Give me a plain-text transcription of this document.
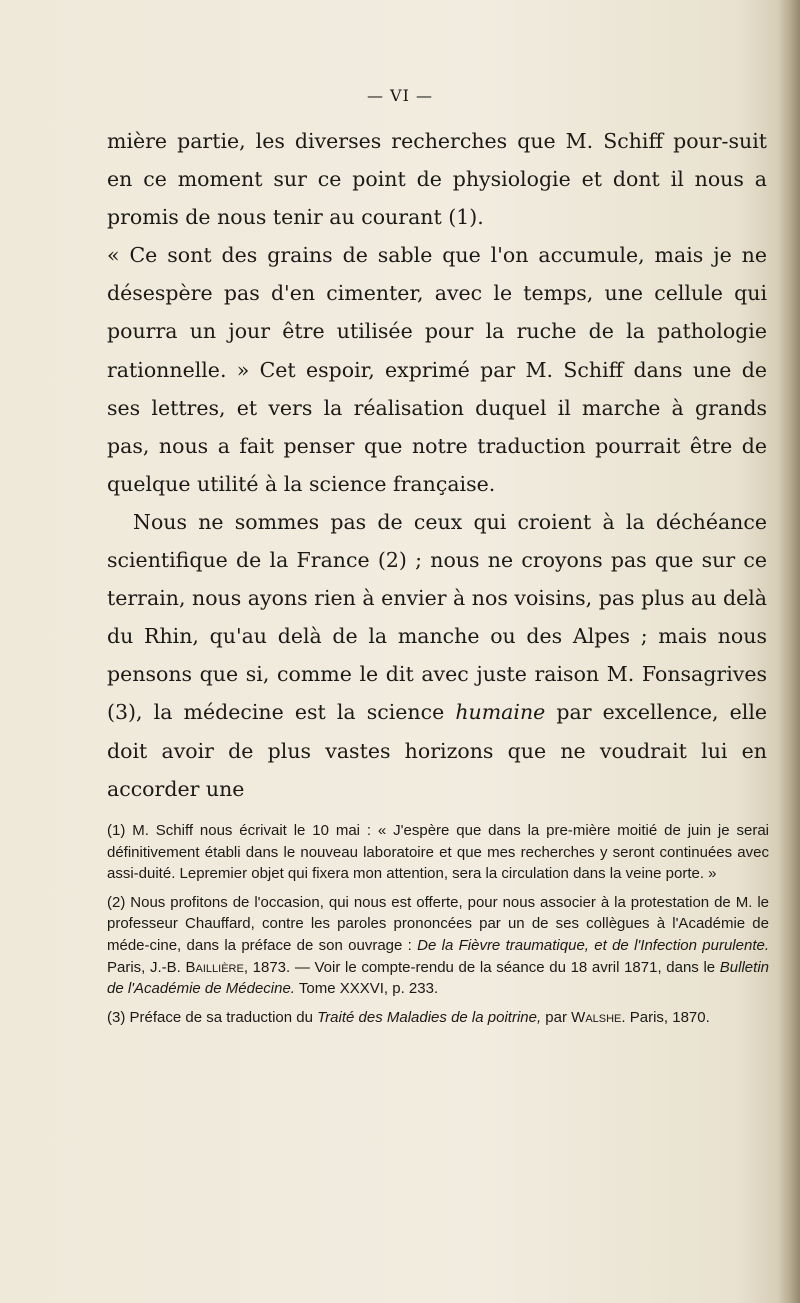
— VI —

mière partie, les diverses recherches que M. Schiff pour-suit en ce moment sur ce point de physiologie et dont il nous a promis de nous tenir au courant (1).

« Ce sont des grains de sable que l'on accumule, mais je ne désespère pas d'en cimenter, avec le temps, une cellule qui pourra un jour être utilisée pour la ruche de la pathologie rationnelle. » Cet espoir, exprimé par M. Schiff dans une de ses lettres, et vers la réalisation duquel il marche à grands pas, nous a fait penser que notre traduction pourrait être de quelque utilité à la science française.

Nous ne sommes pas de ceux qui croient à la déchéance scientifique de la France (2) ; nous ne croyons pas que sur ce terrain, nous ayons rien à envier à nos voisins, pas plus au delà du Rhin, qu'au delà de la manche ou des Alpes ; mais nous pensons que si, comme le dit avec juste raison M. Fonsagrives (3), la médecine est la science humaine par excellence, elle doit avoir de plus vastes horizons que ne voudrait lui en accorder une

(1) M. Schiff nous écrivait le 10 mai : « J'espère que dans la pre-mière moitié de juin je serai définitivement établi dans le nouveau laboratoire et que mes recherches y seront continuées avec assi-duité. Lepremier objet qui fixera mon attention, sera la circulation dans la veine porte. »

(2) Nous profitons de l'occasion, qui nous est offerte, pour nous associer à la protestation de M. le professeur Chauffard, contre les paroles prononcées par un de ses collègues à l'Académie de méde-cine, dans la préface de son ouvrage : De la Fièvre traumatique, et de l'Infection purulente. Paris, J.-B. Baillière, 1873. — Voir le compte-rendu de la séance du 18 avril 1871, dans le Bulletin de l'Académie de Médecine. Tome XXXVI, p. 233.

(3) Préface de sa traduction du Traité des Maladies de la poitrine, par Walshe. Paris, 1870.
